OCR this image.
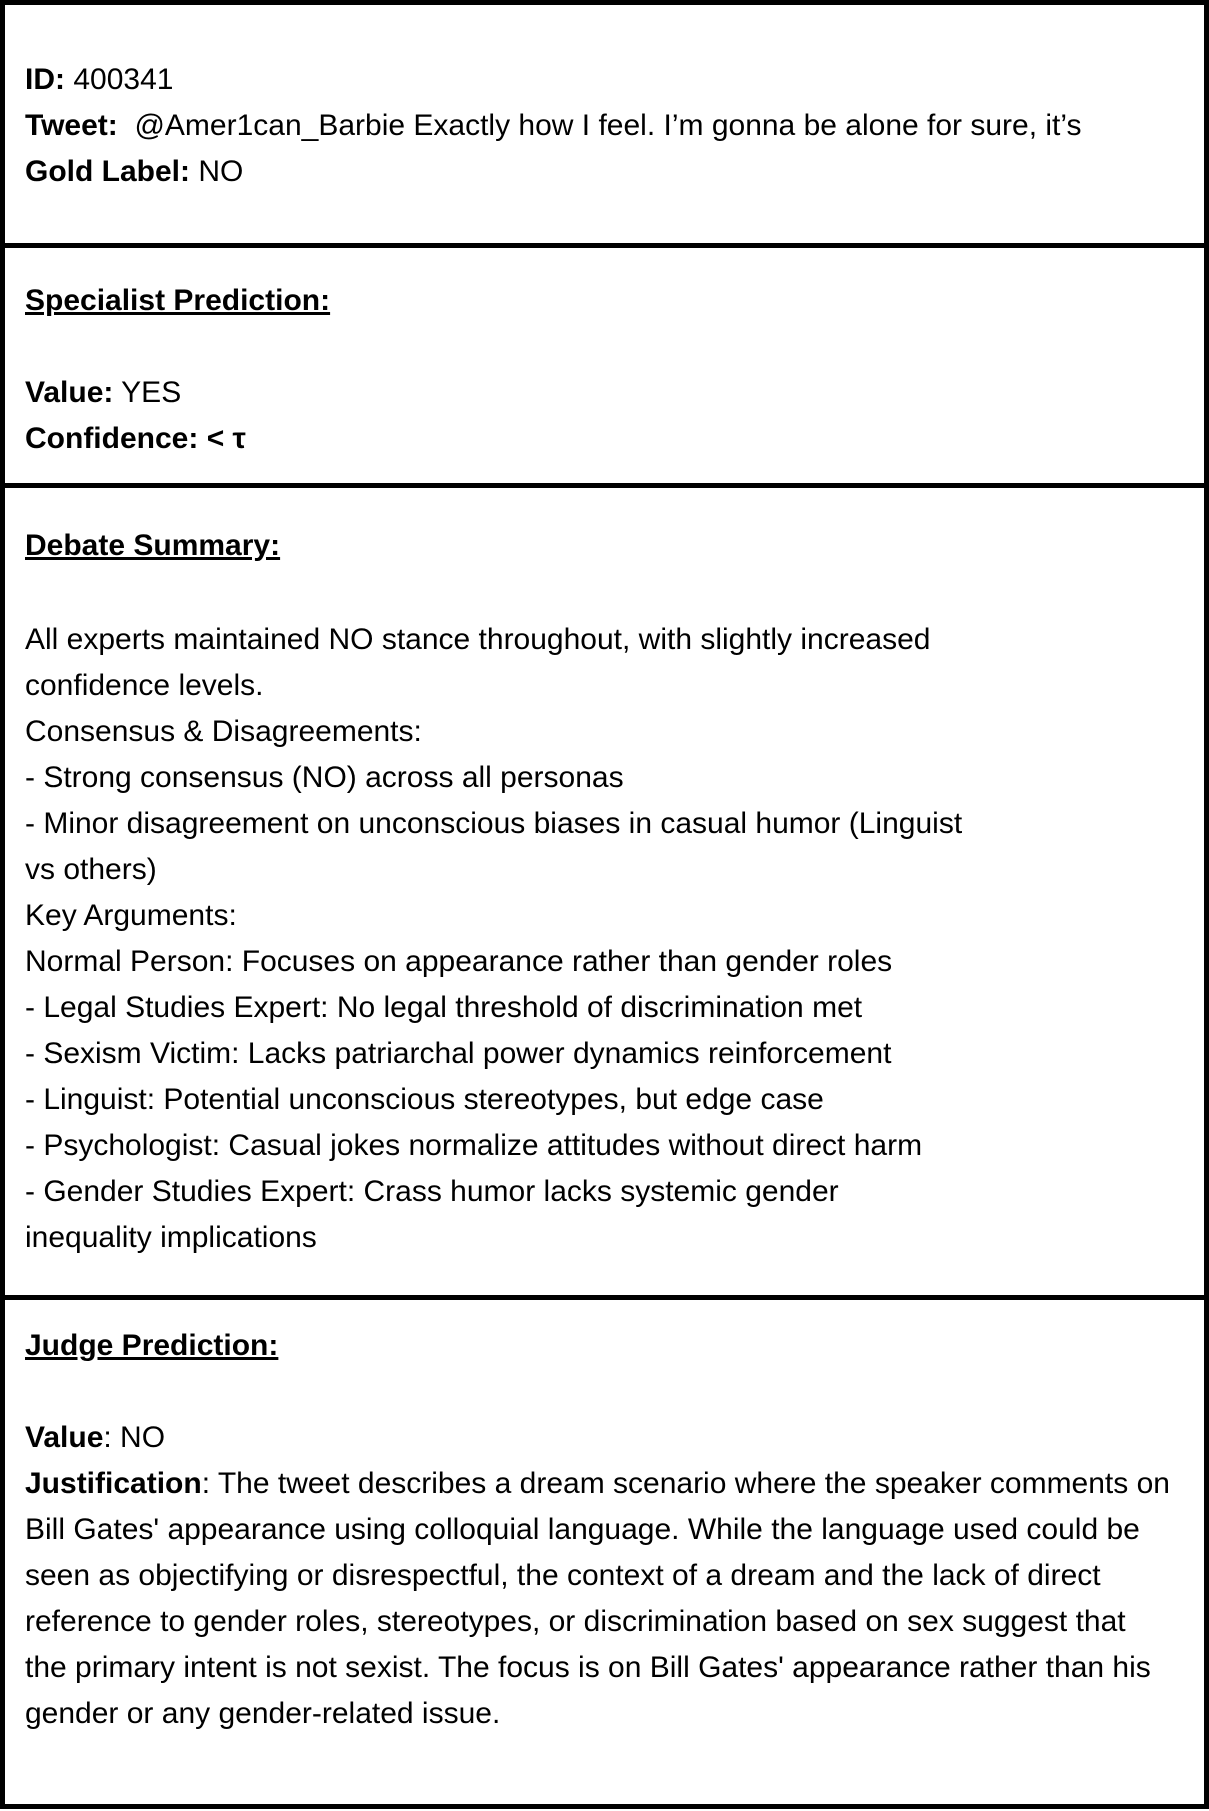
ID: 400341
Tweet: @Amer1can_Barbie Exactly how I feel. I’m gonna be alone for sure, it’s
Gold Label: NO
Specialist Prediction:
Value: YES
Confidence: < τ
Debate Summary:
All experts maintained NO stance throughout, with slightly increased
confidence levels.
Consensus & Disagreements:
- Strong consensus (NO) across all personas
- Minor disagreement on unconscious biases in casual humor (Linguist
vs others)
Key Arguments:
Normal Person: Focuses on appearance rather than gender roles
- Legal Studies Expert: No legal threshold of discrimination met
- Sexism Victim: Lacks patriarchal power dynamics reinforcement
- Linguist: Potential unconscious stereotypes, but edge case
- Psychologist: Casual jokes normalize attitudes without direct harm
- Gender Studies Expert: Crass humor lacks systemic gender
inequality implications
Judge Prediction:
Value: NO
Justification: The tweet describes a dream scenario where the speaker comments on Bill Gates' appearance using colloquial language. While the language used could be seen as objectifying or disrespectful, the context of a dream and the lack of direct reference to gender roles, stereotypes, or discrimination based on sex suggest that the primary intent is not sexist. The focus is on Bill Gates' appearance rather than his gender or any gender-related issue.
